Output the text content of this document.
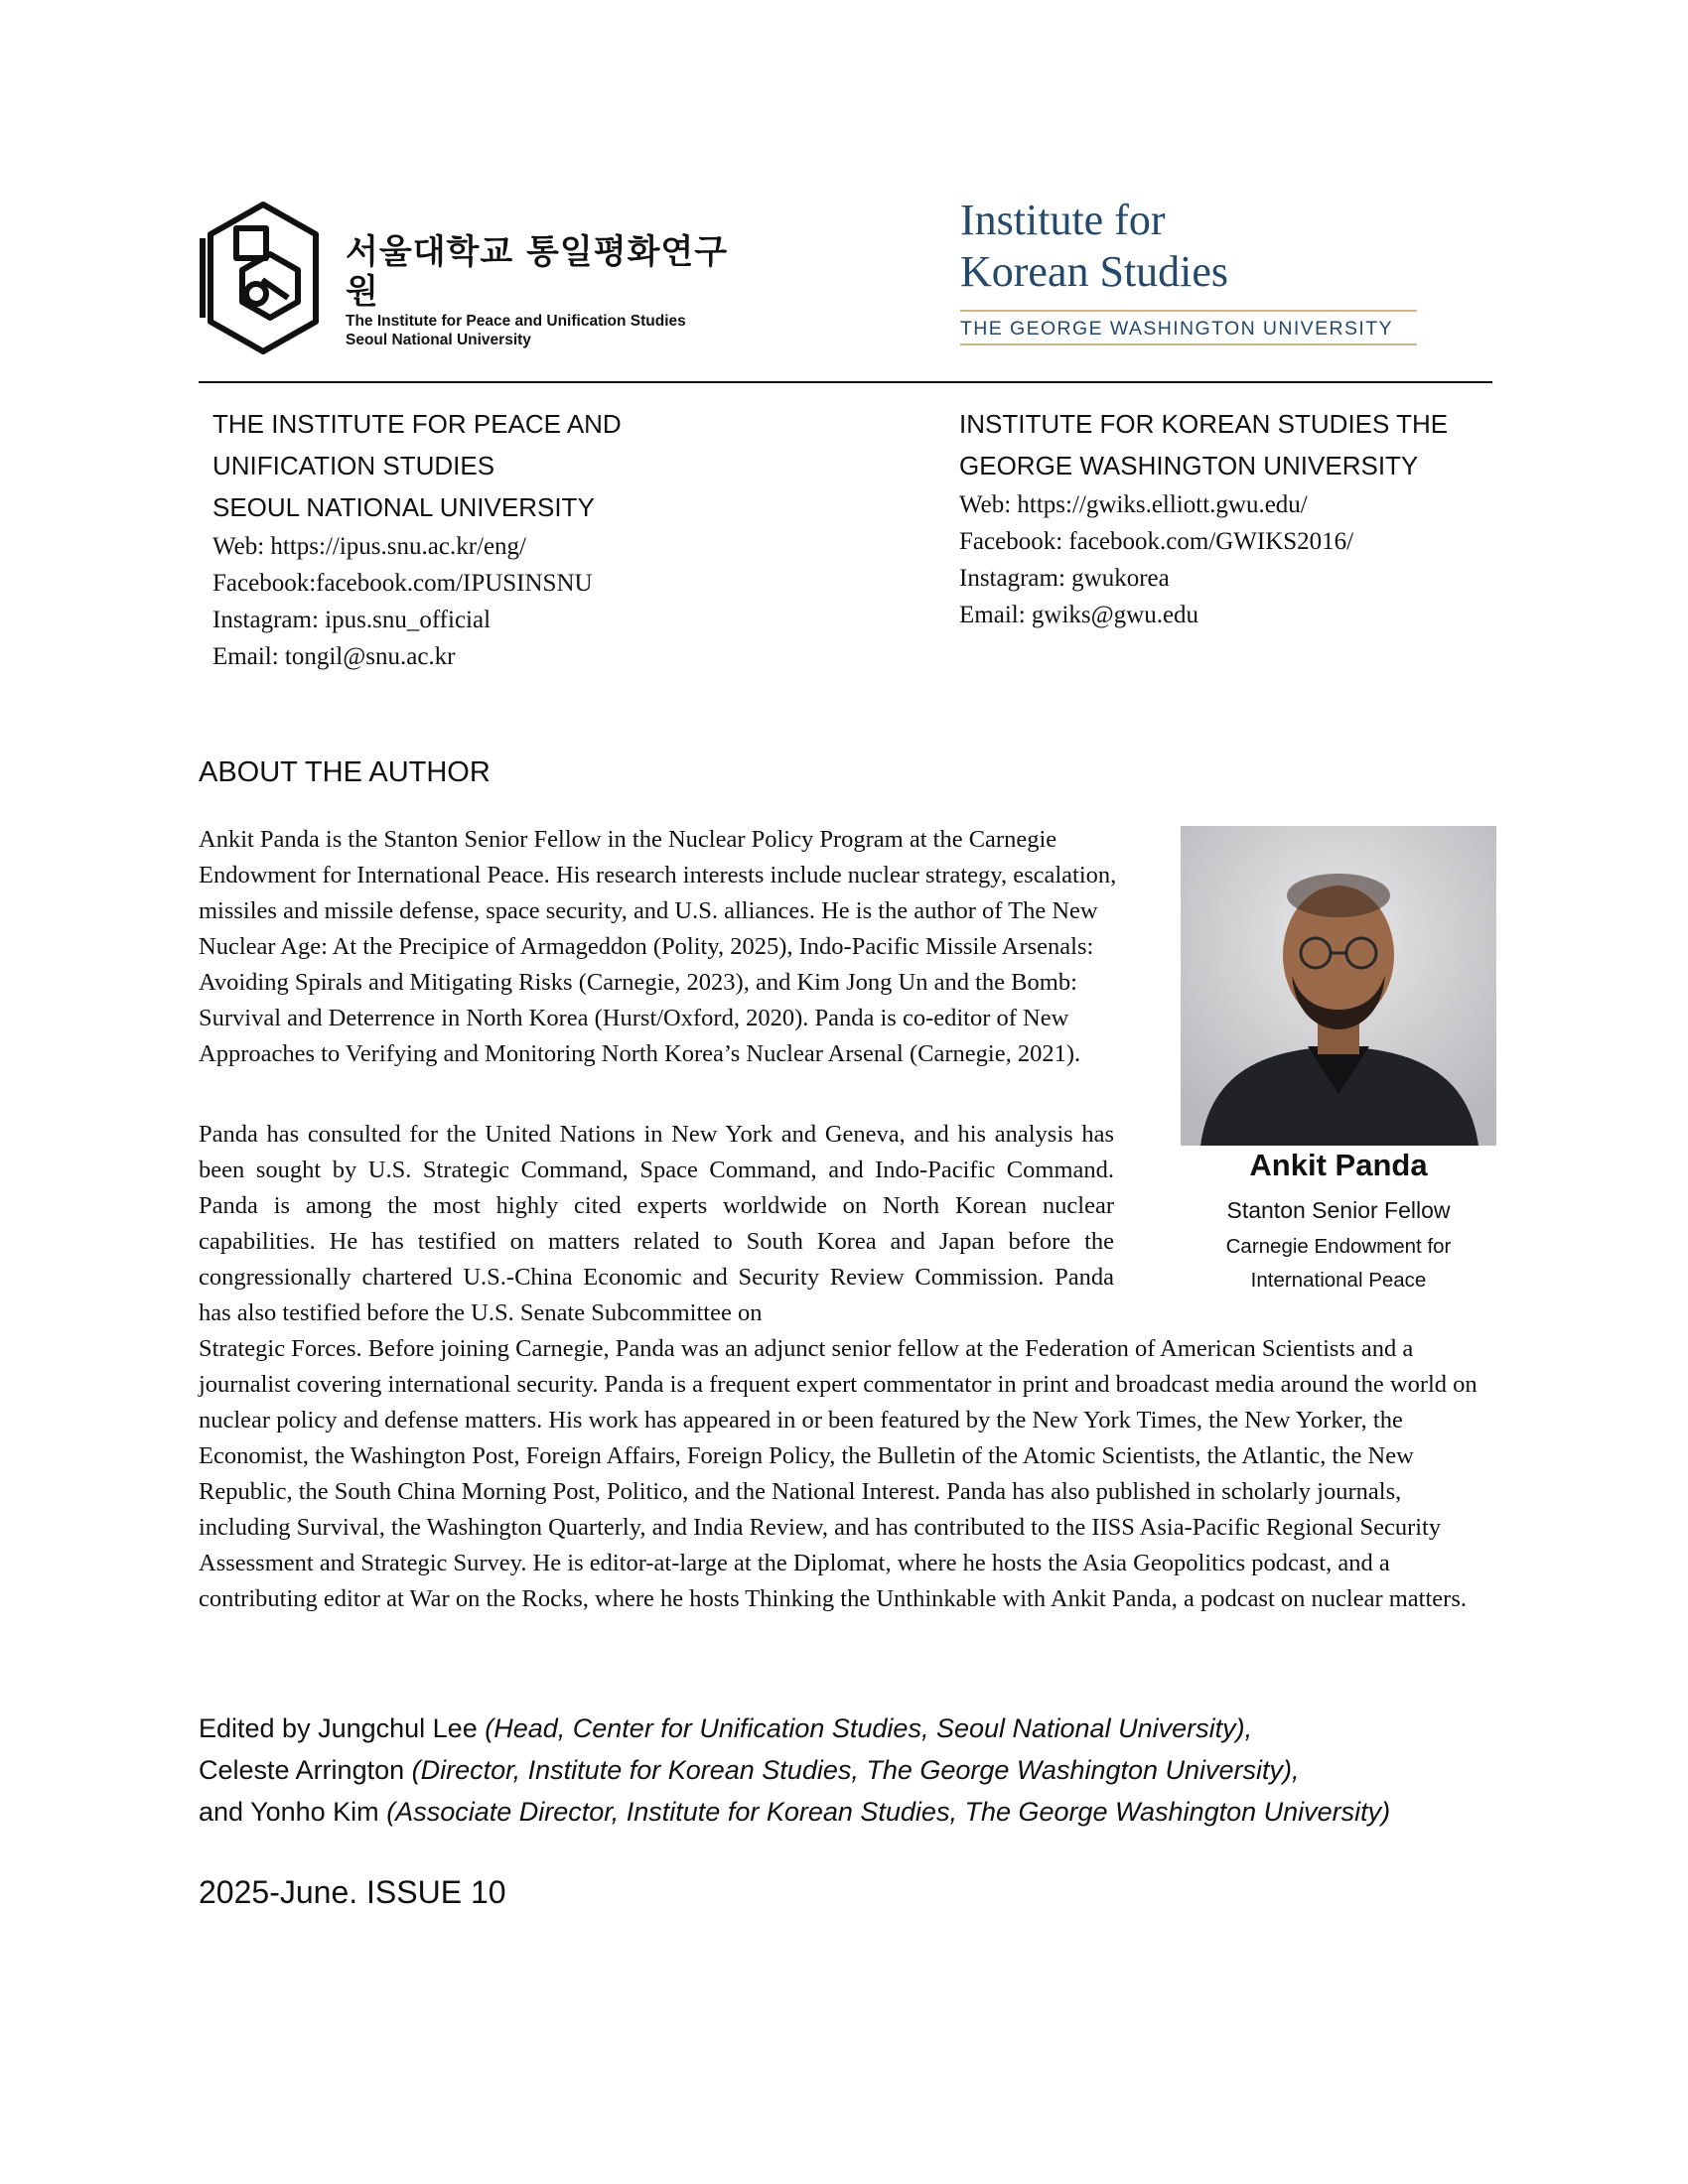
서울대학교 통일평화연구원
The Institute for Peace and Unification Studies
Seoul National University
Institute for
Korean Studies
THE GEORGE WASHINGTON UNIVERSITY
THE INSTITUTE FOR PEACE AND
UNIFICATION STUDIES
SEOUL NATIONAL UNIVERSITY
Web: https://ipus.snu.ac.kr/eng/
Facebook:facebook.com/IPUSINSNU
Instagram: ipus.snu_official
Email: tongil@snu.ac.kr
INSTITUTE FOR KOREAN STUDIES THE
GEORGE WASHINGTON UNIVERSITY
Web: https://gwiks.elliott.gwu.edu/
Facebook: facebook.com/GWIKS2016/
Instagram: gwukorea
Email: gwiks@gwu.edu
ABOUT THE AUTHOR
Ankit Panda
Stanton Senior Fellow
Carnegie Endowment for
International Peace

Ankit Panda is the Stanton Senior Fellow in the Nuclear Policy Program at the Carnegie Endowment for International Peace. His research interests include nuclear strategy, escalation, missiles and missile defense, space security, and U.S. alliances. He is the author of The New Nuclear Age: At the Precipice of Armageddon (Polity, 2025), Indo-Pacific Missile Arsenals: Avoiding Spirals and Mitigating Risks (Carnegie, 2023), and Kim Jong Un and the Bomb: Survival and Deterrence in North Korea (Hurst/Oxford, 2020). Panda is co-editor of New Approaches to Verifying and Monitoring North Korea’s Nuclear Arsenal (Carnegie, 2021).

Panda has consulted for the United Nations in New York and Geneva, and his analysis has been sought by U.S. Strategic Command, Space Command, and Indo-Pacific Command. Panda is among the most highly cited experts worldwide on North Korean nuclear capabilities. He has testified on matters related to South Korea and Japan before the congressionally chartered U.S.-China Economic and Security Review Commission. Panda has also testified before the U.S. Senate Subcommittee on

Strategic Forces. Before joining Carnegie, Panda was an adjunct senior fellow at the Federation of American Scientists and a journalist covering international security. Panda is a frequent expert commentator in print and broadcast media around the world on nuclear policy and defense matters. His work has appeared in or been featured by the New York Times, the New Yorker, the Economist, the Washington Post, Foreign Affairs, Foreign Policy, the Bulletin of the Atomic Scientists, the Atlantic, the New Republic, the South China Morning Post, Politico, and the National Interest. Panda has also published in scholarly journals, including Survival, the Washington Quarterly, and India Review, and has contributed to the IISS Asia-Pacific Regional Security Assessment and Strategic Survey. He is editor-at-large at the Diplomat, where he hosts the Asia Geopolitics podcast, and a contributing editor at War on the Rocks, where he hosts Thinking the Unthinkable with Ankit Panda, a podcast on nuclear matters.

Edited by Jungchul Lee (Head, Center for Unification Studies, Seoul National University),
Celeste Arrington (Director, Institute for Korean Studies, The George Washington University),
and Yonho Kim (Associate Director, Institute for Korean Studies, The George Washington University)
2025-June. ISSUE 10
